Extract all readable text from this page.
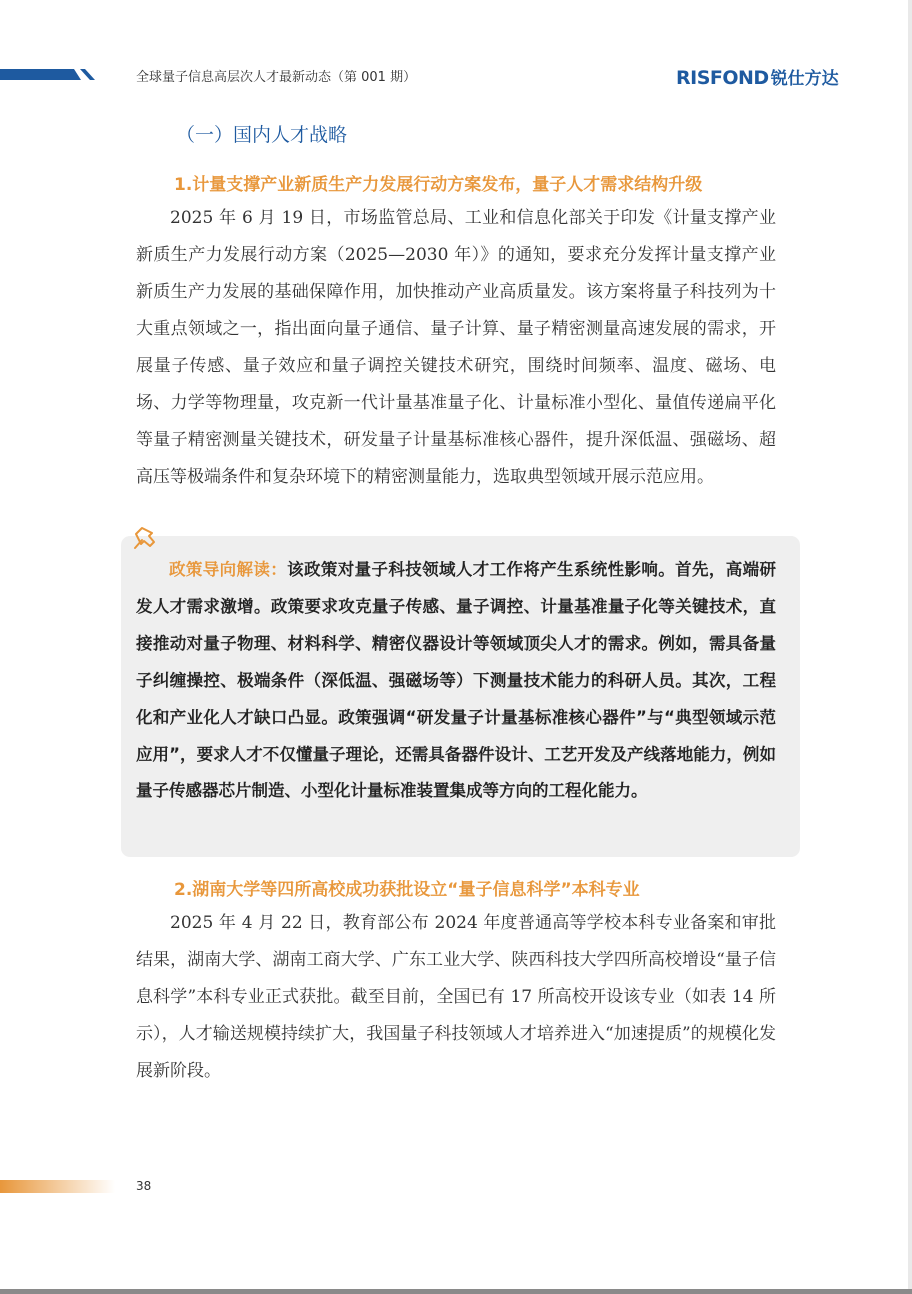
全球量子信息高层次人才最新动态（第 001 期）	RISFOND 锐仕方达
（一）国内人才战略
1.计量支撑产业新质生产力发展行动方案发布，量子人才需求结构升级

2025 年 6 月 19 日，市场监管总局、工业和信息化部关于印发《计量支撑产业新质生产力发展行动方案（2025—2030 年）》的通知，要求充分发挥计量支撑产业新质生产力发展的基础保障作用，加快推动产业高质量发。该方案将量子科技列为十大重点领域之一，指出面向量子通信、量子计算、量子精密测量高速发展的需求，开展量子传感、量子效应和量子调控关键技术研究，围绕时间频率、温度、磁场、电场、力学等物理量，攻克新一代计量基准量子化、计量标准小型化、量值传递扁平化等量子精密测量关键技术，研发量子计量基标准核心器件，提升深低温、强磁场、超高压等极端条件和复杂环境下的精密测量能力，选取典型领域开展示范应用。

政策导向解读：该政策对量子科技领域人才工作将产生系统性影响。首先，高端研发人才需求激增。政策要求攻克量子传感、量子调控、计量基准量子化等关键技术，直接推动对量子物理、材料科学、精密仪器设计等领域顶尖人才的需求。例如，需具备量子纠缠操控、极端条件（深低温、强磁场等）下测量技术能力的科研人员。其次，工程化和产业化人才缺口凸显。政策强调“研发量子计量基标准核心器件”与“典型领域示范应用”，要求人才不仅懂量子理论，还需具备器件设计、工艺开发及产线落地能力，例如量子传感器芯片制造、小型化计量标准装置集成等方向的工程化能力。

2.湖南大学等四所高校成功获批设立“量子信息科学”本科专业

2025 年 4 月 22 日，教育部公布 2024 年度普通高等学校本科专业备案和审批结果，湖南大学、湖南工商大学、广东工业大学、陕西科技大学四所高校增设“量子信息科学”本科专业正式获批。截至目前，全国已有 17 所高校开设该专业（如表 14 所示），人才输送规模持续扩大，我国量子科技领域人才培养进入“加速提质”的规模化发展新阶段。

38
